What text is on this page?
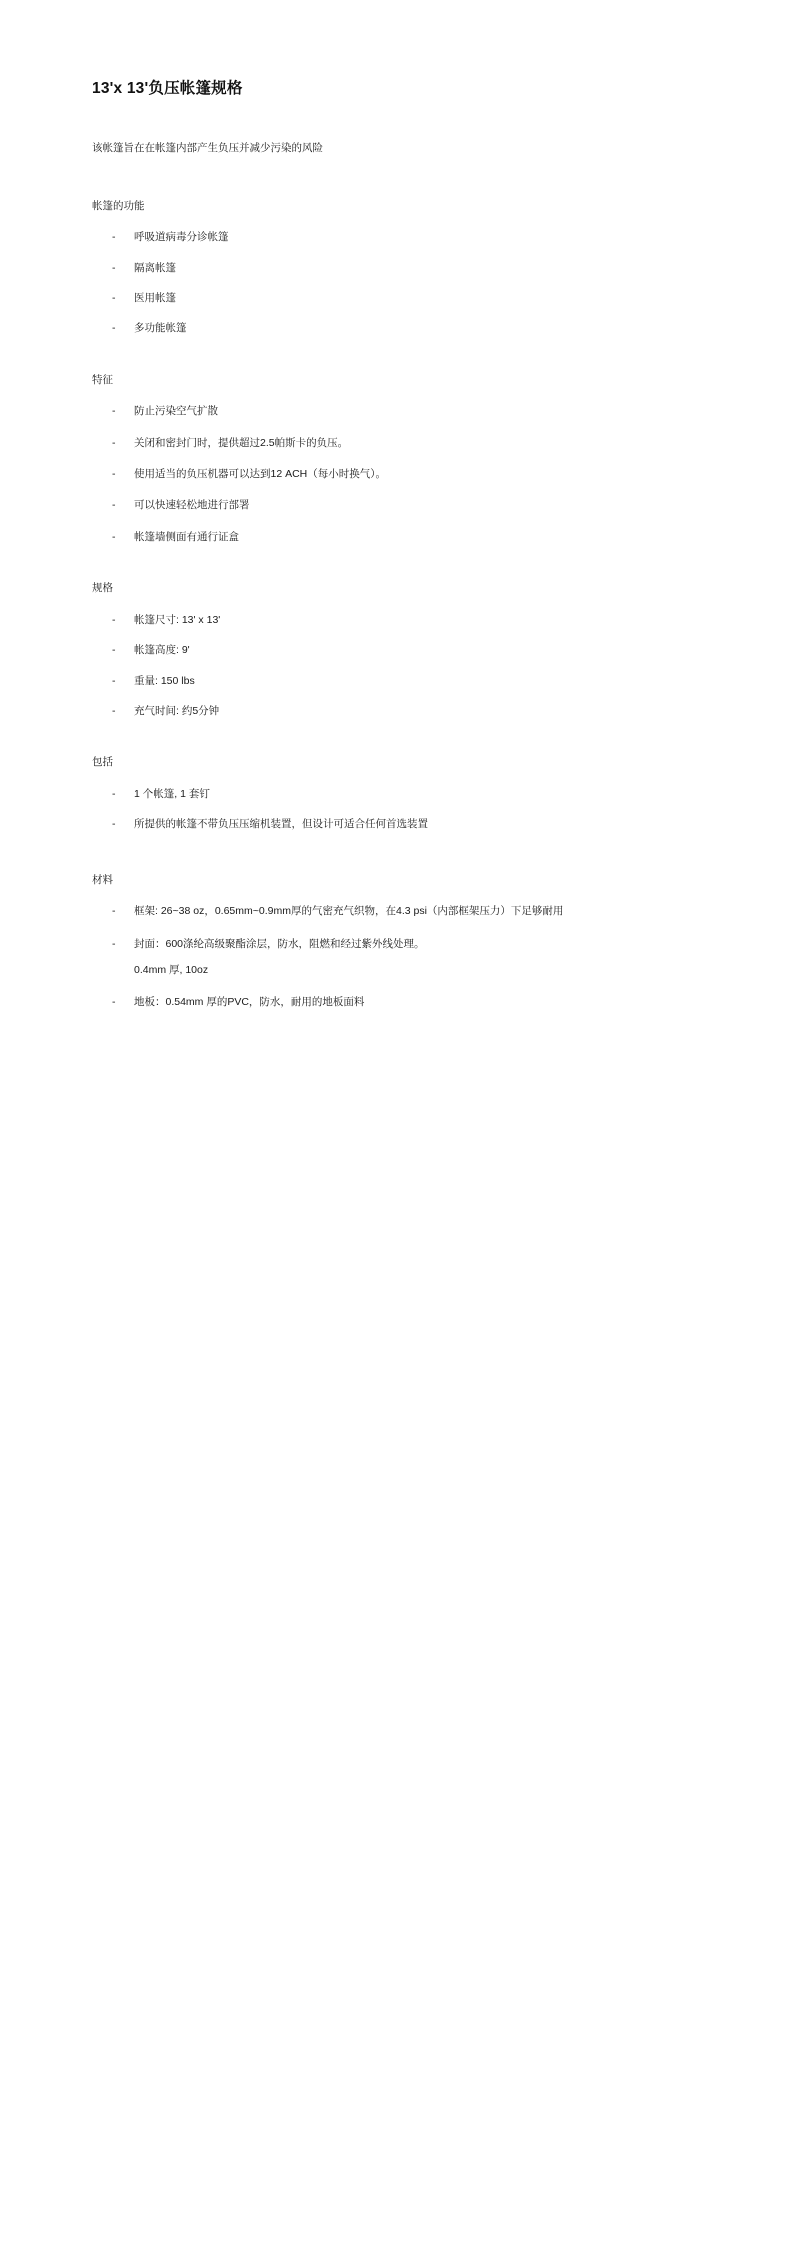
13'x 13'负压帐篷规格

该帐篷旨在在帐篷内部产生负压并减少污染的风险

帐篷的功能
- 呼吸道病毒分诊帐篷
- 隔离帐篷
- 医用帐篷
- 多功能帐篷
特征
- 防止污染空气扩散
- 关闭和密封门时，提供超过2.5帕斯卡的负压。
- 使用适当的负压机器可以达到12 ACH（每小时换气）。
- 可以快速轻松地进行部署
- 帐篷墙侧面有通行证盒
规格
- 帐篷尺寸: 13' x 13'
- 帐篷高度: 9'
- 重量: 150 lbs
- 充气时间: 约5分钟
包括
- 1 个帐篷, 1 套钉
- 所提供的帐篷不带负压压缩机装置，但设计可适合任何首选装置
材料
- 框架: 26~38 oz，0.65mm~0.9mm厚的气密充气织物，在4.3 psi（内部框架压力）下足够耐用
- 封面：600涤纶高级聚酯涂层，防水，阻燃和经过紫外线处理。
0.4mm 厚, 10oz
- 地板：0.54mm 厚的PVC，防水，耐用的地板面料
